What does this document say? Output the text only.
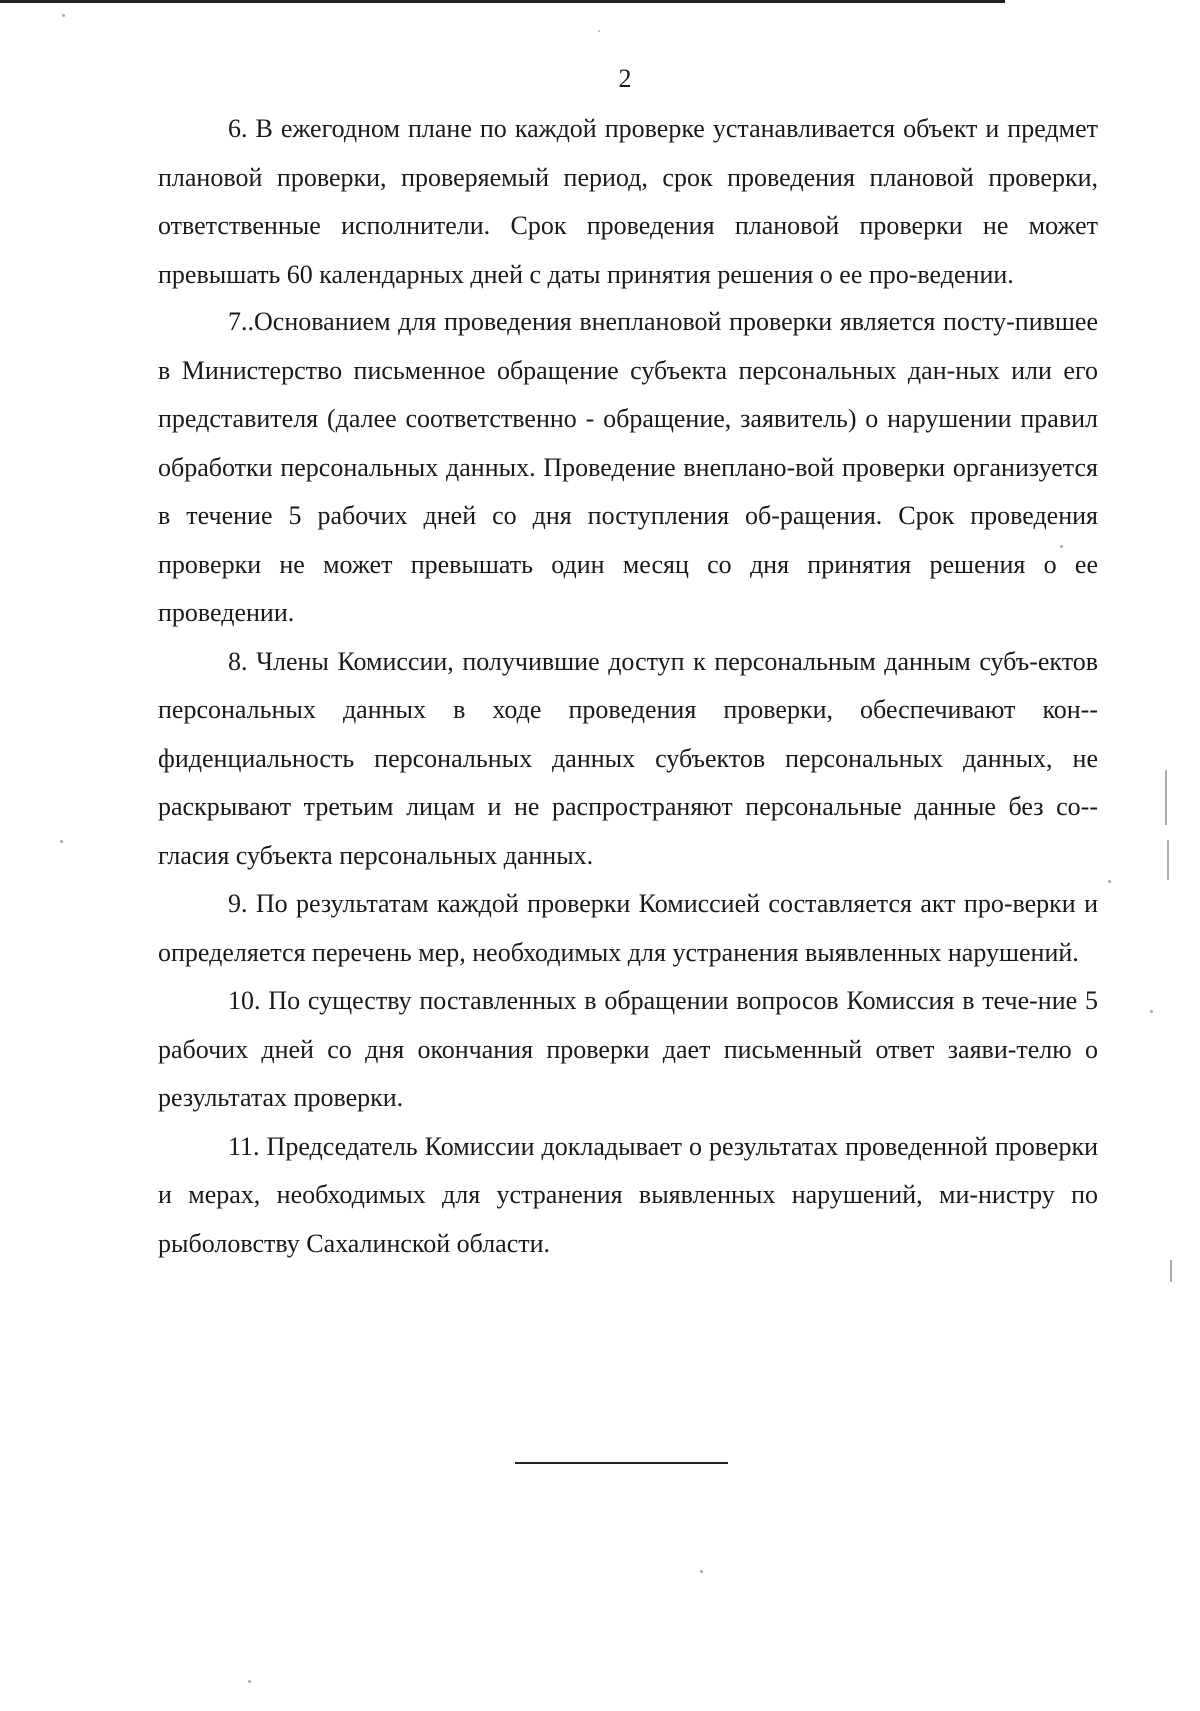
2

6. В ежегодном плане по каждой проверке устанавливается объект и предмет плановой проверки, проверяемый период, срок проведения плановой проверки, ответственные исполнители. Срок проведения плановой проверки не может превышать 60 календарных дней с даты принятия решения о ее про-ведении.

7..Основанием для проведения внеплановой проверки является посту-пившее в Министерство письменное обращение субъекта персональных дан-ных или его представителя (далее соответственно - обращение, заявитель) о нарушении правил обработки персональных данных. Проведение внеплано-вой проверки организуется в течение 5 рабочих дней со дня поступления об-ращения. Срок проведения проверки не может превышать один месяц со дня принятия решения о ее проведении.

8. Члены Комиссии, получившие доступ к персональным данным субъ-ектов персональных данных в ходе проведения проверки, обеспечивают кон-фиденциальность персональных данных субъектов персональных данных, не раскрывают третьим лицам и не распространяют персональные данные без со-гласия субъекта персональных данных.

9. По результатам каждой проверки Комиссией составляется акт про-верки и определяется перечень мер, необходимых для устранения выявленных нарушений.

10. По существу поставленных в обращении вопросов Комиссия в тече-ние 5 рабочих дней со дня окончания проверки дает письменный ответ заяви-телю о результатах проверки.

11. Председатель Комиссии докладывает о результатах проведенной проверки и мерах, необходимых для устранения выявленных нарушений, ми-нистру по рыболовству Сахалинской области.
